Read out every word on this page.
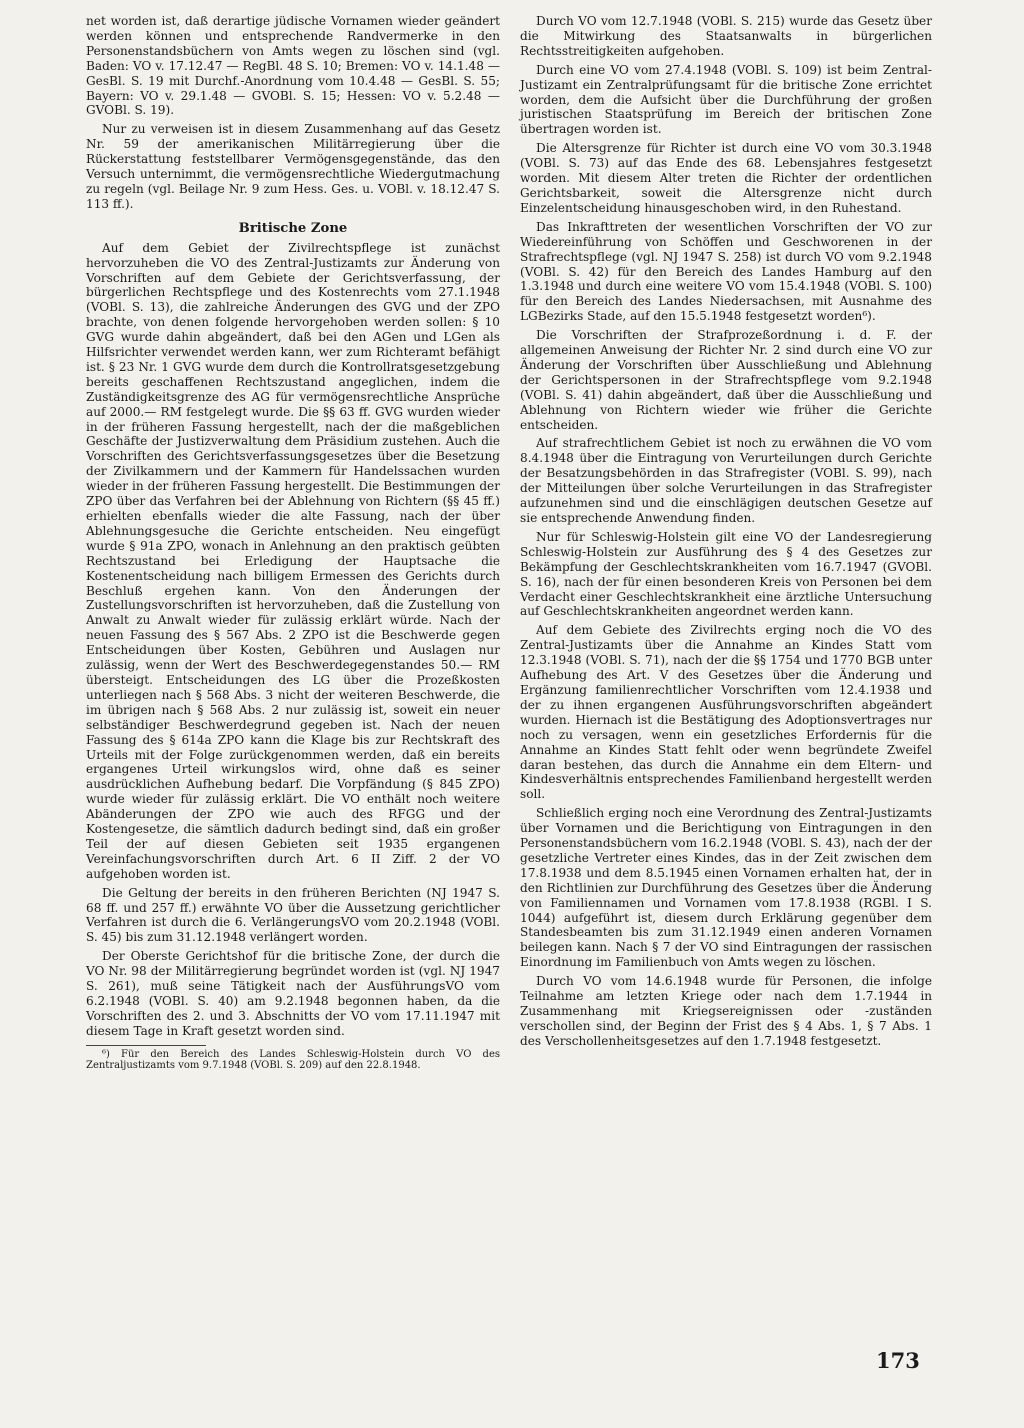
net worden ist, daß derartige jüdische Vornamen wieder geändert werden können und entsprechende Randvermerke in den Personenstandsbüchern von Amts wegen zu löschen sind (vgl. Baden: VO v. 17.12.47 — RegBl. 48 S. 10; Bremen: VO v. 14.1.48 — GesBl. S. 19 mit Durchf.-Anordnung vom 10.4.48 — GesBl. S. 55; Bayern: VO v. 29.1.48 — GVOBl. S. 15; Hessen: VO v. 5.2.48 — GVOBl. S. 19).

Nur zu verweisen ist in diesem Zusammenhang auf das Gesetz Nr. 59 der amerikanischen Militärregierung über die Rückerstattung feststellbarer Vermögensgegenstände, das den Versuch unternimmt, die vermögensrechtliche Wiedergutmachung zu regeln (vgl. Beilage Nr. 9 zum Hess. Ges. u. VOBl. v. 18.12.47 S. 113 ff.).

Britische Zone

Auf dem Gebiet der Zivilrechtspflege ist zunächst hervorzuheben die VO des Zentral-Justizamts zur Änderung von Vorschriften auf dem Gebiete der Gerichtsverfassung, der bürgerlichen Rechtspflege und des Kostenrechts vom 27.1.1948 (VOBl. S. 13), die zahlreiche Änderungen des GVG und der ZPO brachte, von denen folgende hervorgehoben werden sollen: § 10 GVG wurde dahin abgeändert, daß bei den AGen und LGen als Hilfsrichter verwendet werden kann, wer zum Richteramt befähigt ist. § 23 Nr. 1 GVG wurde dem durch die Kontrollratsgesetzgebung bereits geschaffenen Rechtszustand angeglichen, indem die Zuständigkeitsgrenze des AG für vermögensrechtliche Ansprüche auf 2000.— RM festgelegt wurde. Die §§ 63 ff. GVG wurden wieder in der früheren Fassung hergestellt, nach der die maßgeblichen Geschäfte der Justizverwaltung dem Präsidium zustehen. Auch die Vorschriften des Gerichtsverfassungsgesetzes über die Besetzung der Zivilkammern und der Kammern für Handelssachen wurden wieder in der früheren Fassung hergestellt. Die Bestimmungen der ZPO über das Verfahren bei der Ablehnung von Richtern (§§ 45 ff.) erhielten ebenfalls wieder die alte Fassung, nach der über Ablehnungsgesuche die Gerichte entscheiden. Neu eingefügt wurde § 91a ZPO, wonach in Anlehnung an den praktisch geübten Rechtszustand bei Erledigung der Hauptsache die Kostenentscheidung nach billigem Ermessen des Gerichts durch Beschluß ergehen kann. Von den Änderungen der Zustellungsvorschriften ist hervorzuheben, daß die Zustellung von Anwalt zu Anwalt wieder für zulässig erklärt würde. Nach der neuen Fassung des § 567 Abs. 2 ZPO ist die Beschwerde gegen Entscheidungen über Kosten, Gebühren und Auslagen nur zulässig, wenn der Wert des Beschwerdegegenstandes 50.— RM übersteigt. Entscheidungen des LG über die Prozeßkosten unterliegen nach § 568 Abs. 3 nicht der weiteren Beschwerde, die im übrigen nach § 568 Abs. 2 nur zulässig ist, soweit ein neuer selbständiger Beschwerdegrund gegeben ist. Nach der neuen Fassung des § 614a ZPO kann die Klage bis zur Rechtskraft des Urteils mit der Folge zurückgenommen werden, daß ein bereits ergangenes Urteil wirkungslos wird, ohne daß es seiner ausdrücklichen Aufhebung bedarf. Die Vorpfändung (§ 845 ZPO) wurde wieder für zulässig erklärt. Die VO enthält noch weitere Abänderungen der ZPO wie auch des RFGG und der Kostengesetze, die sämtlich dadurch bedingt sind, daß ein großer Teil der auf diesen Gebieten seit 1935 ergangenen Vereinfachungsvorschriften durch Art. 6 II Ziff. 2 der VO aufgehoben worden ist.

Die Geltung der bereits in den früheren Berichten (NJ 1947 S. 68 ff. und 257 ff.) erwähnte VO über die Aussetzung gerichtlicher Verfahren ist durch die 6. VerlängerungsVO vom 20.2.1948 (VOBl. S. 45) bis zum 31.12.1948 verlängert worden.

Der Oberste Gerichtshof für die britische Zone, der durch die VO Nr. 98 der Militärregierung begründet worden ist (vgl. NJ 1947 S. 261), muß seine Tätigkeit nach der AusführungsVO vom 6.2.1948 (VOBl. S. 40) am 9.2.1948 begonnen haben, da die Vorschriften des 2. und 3. Abschnitts der VO vom 17.11.1947 mit diesem Tage in Kraft gesetzt worden sind.

⁶) Für den Bereich des Landes Schleswig-Holstein durch VO des Zentraljustizamts vom 9.7.1948 (VOBl. S. 209) auf den 22.8.1948.

Durch VO vom 12.7.1948 (VOBl. S. 215) wurde das Gesetz über die Mitwirkung des Staatsanwalts in bürgerlichen Rechtsstreitigkeiten aufgehoben.

Durch eine VO vom 27.4.1948 (VOBl. S. 109) ist beim Zentral-Justizamt ein Zentralprüfungsamt für die britische Zone errichtet worden, dem die Aufsicht über die Durchführung der großen juristischen Staatsprüfung im Bereich der britischen Zone übertragen worden ist.

Die Altersgrenze für Richter ist durch eine VO vom 30.3.1948 (VOBl. S. 73) auf das Ende des 68. Lebensjahres festgesetzt worden. Mit diesem Alter treten die Richter der ordentlichen Gerichtsbarkeit, soweit die Altersgrenze nicht durch Einzelentscheidung hinausgeschoben wird, in den Ruhestand.

Das Inkrafttreten der wesentlichen Vorschriften der VO zur Wiedereinführung von Schöffen und Geschworenen in der Strafrechtspflege (vgl. NJ 1947 S. 258) ist durch VO vom 9.2.1948 (VOBl. S. 42) für den Bereich des Landes Hamburg auf den 1.3.1948 und durch eine weitere VO vom 15.4.1948 (VOBl. S. 100) für den Bereich des Landes Niedersachsen, mit Ausnahme des LGBezirks Stade, auf den 15.5.1948 festgesetzt worden⁶).

Die Vorschriften der Strafprozeßordnung i. d. F. der allgemeinen Anweisung der Richter Nr. 2 sind durch eine VO zur Änderung der Vorschriften über Ausschließung und Ablehnung der Gerichtspersonen in der Strafrechtspflege vom 9.2.1948 (VOBl. S. 41) dahin abgeändert, daß über die Ausschließung und Ablehnung von Richtern wieder wie früher die Gerichte entscheiden.

Auf strafrechtlichem Gebiet ist noch zu erwähnen die VO vom 8.4.1948 über die Eintragung von Verurteilungen durch Gerichte der Besatzungsbehörden in das Strafregister (VOBl. S. 99), nach der Mitteilungen über solche Verurteilungen in das Strafregister aufzunehmen sind und die einschlägigen deutschen Gesetze auf sie entsprechende Anwendung finden.

Nur für Schleswig-Holstein gilt eine VO der Landesregierung Schleswig-Holstein zur Ausführung des § 4 des Gesetzes zur Bekämpfung der Geschlechtskrankheiten vom 16.7.1947 (GVOBl. S. 16), nach der für einen besonderen Kreis von Personen bei dem Verdacht einer Geschlechtskrankheit eine ärztliche Untersuchung auf Geschlechtskrankheiten angeordnet werden kann.

Auf dem Gebiete des Zivilrechts erging noch die VO des Zentral-Justizamts über die Annahme an Kindes Statt vom 12.3.1948 (VOBl. S. 71), nach der die §§ 1754 und 1770 BGB unter Aufhebung des Art. V des Gesetzes über die Änderung und Ergänzung familienrechtlicher Vorschriften vom 12.4.1938 und der zu ihnen ergangenen Ausführungsvorschriften abgeändert wurden. Hiernach ist die Bestätigung des Adoptionsvertrages nur noch zu versagen, wenn ein gesetzliches Erfordernis für die Annahme an Kindes Statt fehlt oder wenn begründete Zweifel daran bestehen, das durch die Annahme ein dem Eltern- und Kindesverhältnis entsprechendes Familienband hergestellt werden soll.

Schließlich erging noch eine Verordnung des Zentral-Justizamts über Vornamen und die Berichtigung von Eintragungen in den Personenstandsbüchern vom 16.2.1948 (VOBl. S. 43), nach der der gesetzliche Vertreter eines Kindes, das in der Zeit zwischen dem 17.8.1938 und dem 8.5.1945 einen Vornamen erhalten hat, der in den Richtlinien zur Durchführung des Gesetzes über die Änderung von Familiennamen und Vornamen vom 17.8.1938 (RGBl. I S. 1044) aufgeführt ist, diesem durch Erklärung gegenüber dem Standesbeamten bis zum 31.12.1949 einen anderen Vornamen beilegen kann. Nach § 7 der VO sind Eintragungen der rassischen Einordnung im Familienbuch von Amts wegen zu löschen.

Durch VO vom 14.6.1948 wurde für Personen, die infolge Teilnahme am letzten Kriege oder nach dem 1.7.1944 in Zusammenhang mit Kriegsereignissen oder -zuständen verschollen sind, der Beginn der Frist des § 4 Abs. 1, § 7 Abs. 1 des Verschollenheitsgesetzes auf den 1.7.1948 festgesetzt.

173
